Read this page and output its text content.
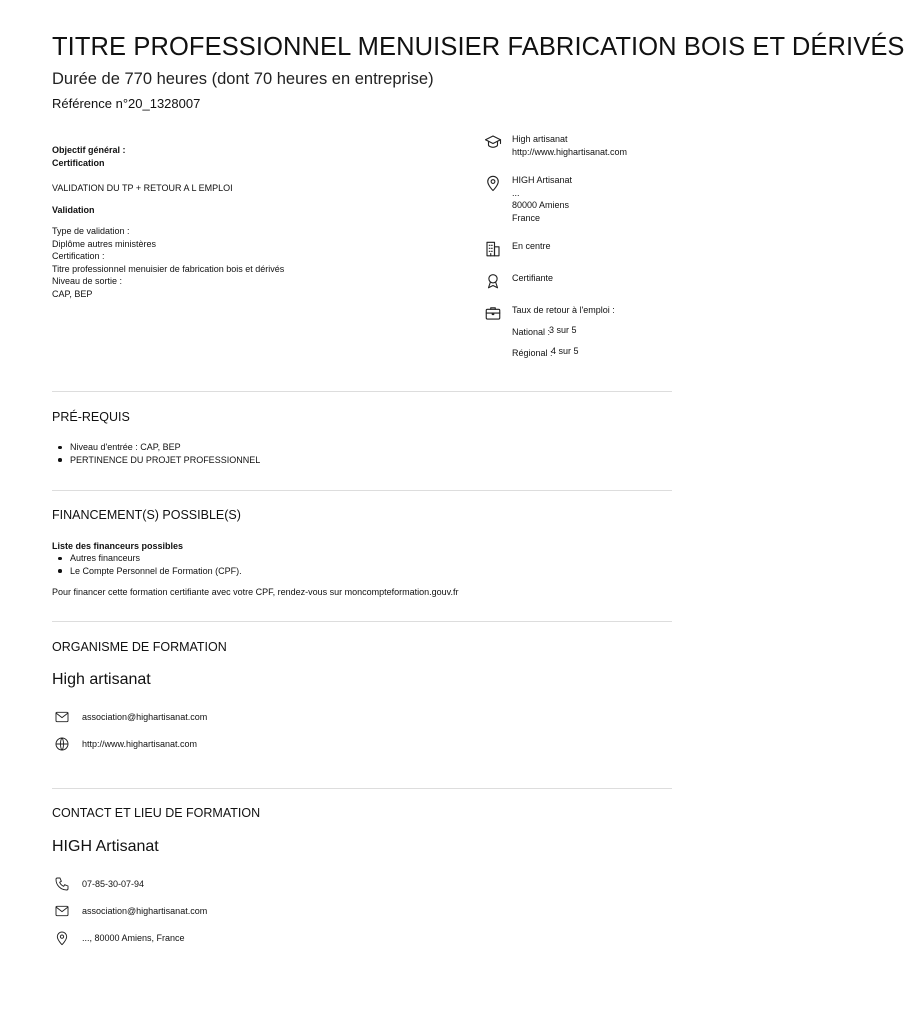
TITRE PROFESSIONNEL MENUISIER FABRICATION BOIS ET DÉRIVÉS

Durée de 770 heures (dont 70 heures en entreprise)

Référence n°20_1328007

Objectif général :
Certification
VALIDATION DU TP + RETOUR A L EMPLOI
Validation
Type de validation :
Diplôme autres ministères
Certification :
Titre professionnel menuisier de fabrication bois et dérivés
Niveau de sortie :
CAP, BEP
High artisanat
http://www.highartisanat.com
HIGH Artisanat
...
80000 Amiens
France
En centre
Certifiante
Taux de retour à l'emploi :
National :
3 sur 5
Régional :
4 sur 5
PRÉ-REQUIS
Niveau d'entrée : CAP, BEP
PERTINENCE DU PROJET PROFESSIONNEL
FINANCEMENT(S) POSSIBLE(S)

Liste des financeurs possibles

Autres financeurs
Le Compte Personnel de Formation (CPF).

Pour financer cette formation certifiante avec votre CPF, rendez-vous sur moncompteformation.gouv.fr

ORGANISME DE FORMATION
High artisanat
association@highartisanat.com
http://www.highartisanat.com
CONTACT ET LIEU DE FORMATION
HIGH Artisanat
07-85-30-07-94
association@highartisanat.com
..., 80000 Amiens, France
